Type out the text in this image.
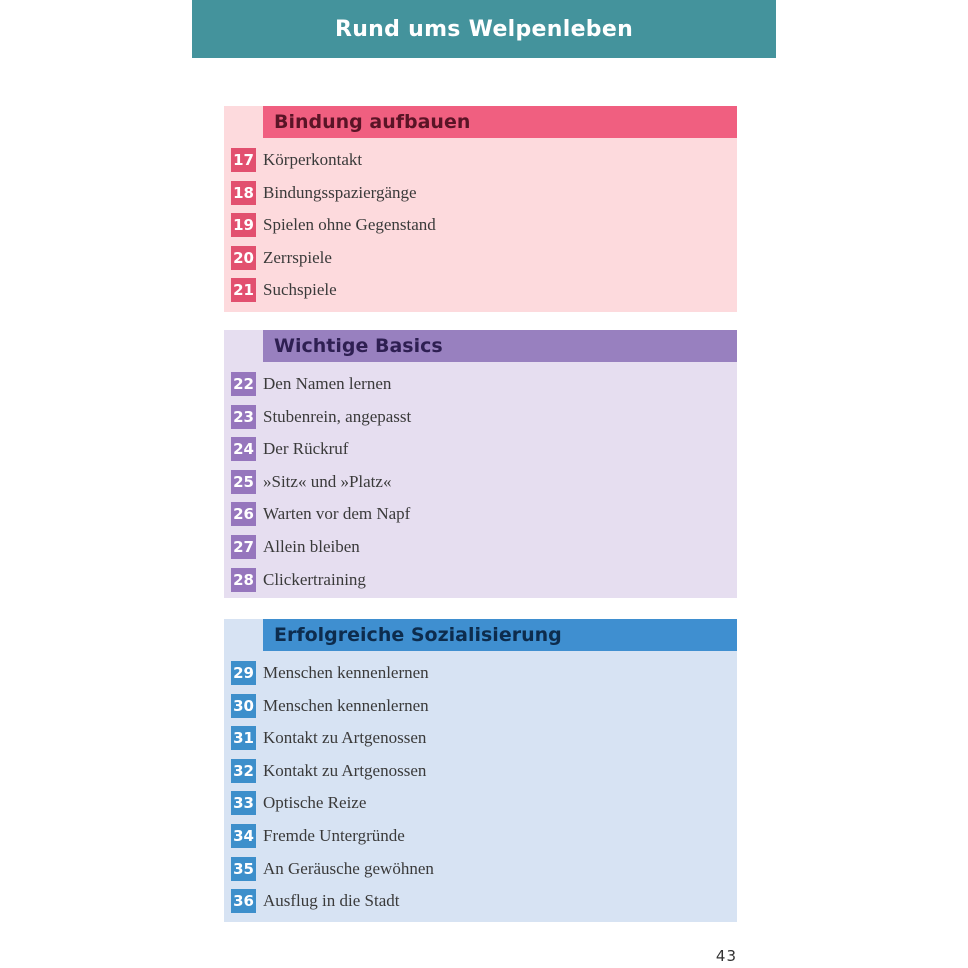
Rund ums Welpenleben
Bindung aufbauen
17 Körperkontakt
18 Bindungsspaziergänge
19 Spielen ohne Gegenstand
20 Zerrspiele
21 Suchspiele
Wichtige Basics
22 Den Namen lernen
23 Stubenrein, angepasst
24 Der Rückruf
25 »Sitz« und »Platz«
26 Warten vor dem Napf
27 Allein bleiben
28 Clickertraining
Erfolgreiche Sozialisierung
29 Menschen kennenlernen
30 Menschen kennenlernen
31 Kontakt zu Artgenossen
32 Kontakt zu Artgenossen
33 Optische Reize
34 Fremde Untergründe
35 An Geräusche gewöhnen
36 Ausflug in die Stadt
43
